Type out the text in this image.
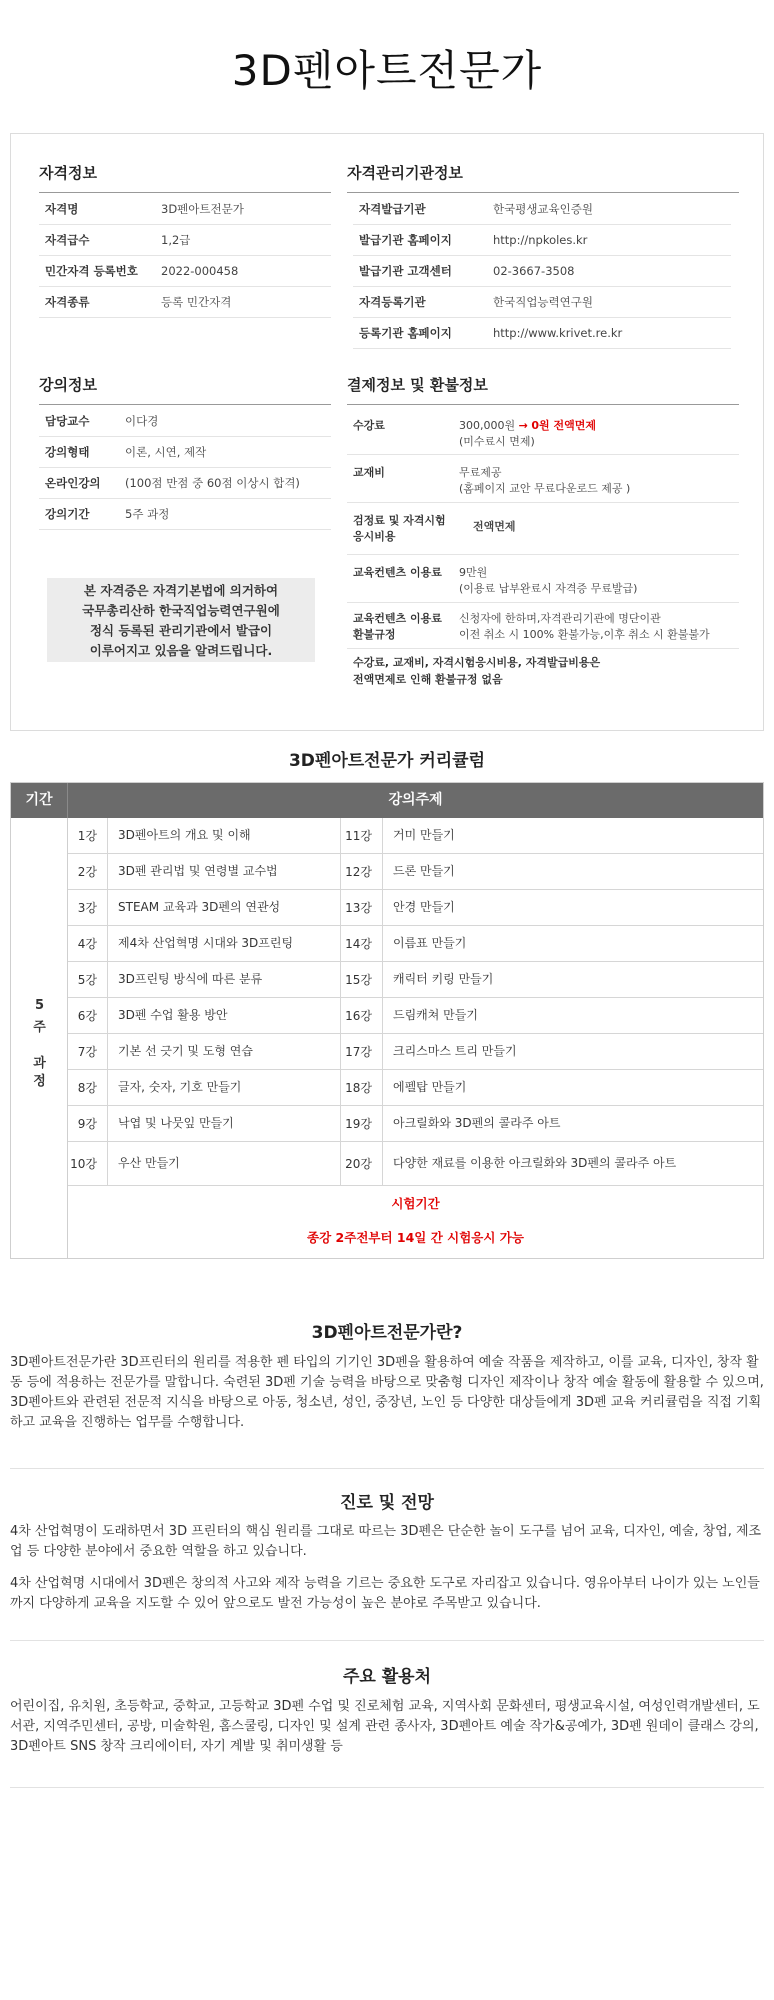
3D펜아트전문가
자격정보
자격명	3D펜아트전문가
자격급수	1,2급
민간자격 등록번호 2022-000458
자격종류	등록 민간자격
자격관리기관정보
자격발급기관	한국평생교육인증원
발급기관 홈페이지	http://npkoles.kr
발급기관 고객센터	02-3667-3508
자격등록기관	한국직업능력연구원
등록기관 홈페이지	http://www.krivet.re.kr
강의정보
담당교수	이다경
강의형태	이론, 시연, 제작
온라인강의 (100점 만점 중 60점 이상시 합격)
강의기간	5주 과정
본 자격증은 자격기본법에 의거하여
국무총리산하 한국직업능력연구원에
정식 등록된 관리기관에서 발급이
이루어지고 있음을 알려드립니다.
결제정보 및 환불정보
수강료	300,000원 → 0원 전액면제
(미수료시 면제)
교재비	무료제공
(홈페이지 교안 무료다운로드 제공 )
검정료 및 자격시험
응시비용
전액면제
교육컨텐츠 이용료 9만원
(이용료 납부완료시 자격증 무료발급)
교육컨텐츠 이용료
환불규정
신청자에 한하며,자격관리기관에 명단이관
이전 취소 시 100% 환불가능,이후 취소 시 환불불가
수강료, 교재비, 자격시험응시비용, 자격발급비용은
전액면제로 인해 환불규정 없음
3D펜아트전문가 커리큘럼
기간	강의주제
5
주
과
정
1강	3D펜아트의 개요 및 이해	11강	거미 만들기
2강	3D펜 관리법 및 연령별 교수법	12강	드론 만들기
3강	STEAM 교육과 3D펜의 연관성	13강	안경 만들기
4강	제4차 산업혁명 시대와 3D프린팅	14강	이름표 만들기
5강	3D프린팅 방식에 따른 분류	15강	캐릭터 키링 만들기
6강	3D펜 수업 활용 방안	16강	드림캐쳐 만들기
7강	기본 선 긋기 및 도형 연습	17강	크리스마스 트리 만들기
8강	글자, 숫자, 기호 만들기	18강	에펠탑 만들기
9강	낙엽 및 나뭇잎 만들기	19강	아크릴화와 3D펜의 콜라주 아트
10강	우산 만들기	20강	다양한 재료를 이용한 아크릴화와 3D펜의 콜라주 아트
시험기간
종강 2주전부터 14일 간 시험응시 가능
3D펜아트전문가란?
3D펜아트전문가란 3D프린터의 원리를 적용한 펜 타입의 기기인 3D펜을 활용하여 예술 작품을 제작하고, 이를 교육, 디자인, 창작 활동 등에 적용하는 전문가를 말합니다. 숙련된 3D펜 기술 능력을 바탕으로 맞춤형 디자인 제작이나 창작 예술 활동에 활용할 수 있으며, 3D펜아트와 관련된 전문적 지식을 바탕으로 아동, 청소년, 성인, 중장년, 노인 등 다양한 대상들에게 3D펜 교육 커리큘럼을 직접 기획하고 교육을 진행하는 업무를 수행합니다.
진로 및 전망
4차 산업혁명이 도래하면서 3D 프린터의 핵심 원리를 그대로 따르는 3D펜은 단순한 놀이 도구를 넘어 교육, 디자인, 예술, 창업, 제조업 등 다양한 분야에서 중요한 역할을 하고 있습니다.
4차 산업혁명 시대에서 3D펜은 창의적 사고와 제작 능력을 기르는 중요한 도구로 자리잡고 있습니다. 영유아부터 나이가 있는 노인들까지 다양하게 교육을 지도할 수 있어 앞으로도 발전 가능성이 높은 분야로 주목받고 있습니다.
주요 활용처
어린이집, 유치원, 초등학교, 중학교, 고등학교 3D펜 수업 및 진로체험 교육, 지역사회 문화센터, 평생교육시설, 여성인력개발센터, 도서관, 지역주민센터, 공방, 미술학원, 홈스쿨링, 디자인 및 설계 관련 종사자, 3D펜아트 예술 작가&공예가, 3D펜 원데이 클래스 강의, 3D펜아트 SNS 창작 크리에이터, 자기 계발 및 취미생활 등
